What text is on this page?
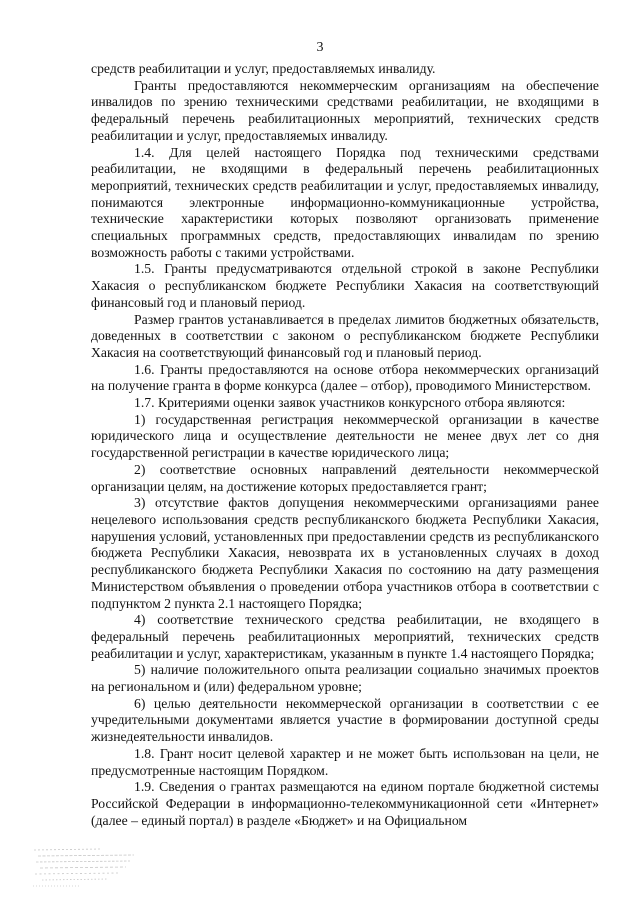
3

средств реабилитации и услуг, предоставляемых инвалиду.

Гранты предоставляются некоммерческим организациям на обеспечение инвалидов по зрению техническими средствами реабилитации, не входящими в федеральный перечень реабилитационных мероприятий, технических средств реабилитации и услуг, предоставляемых инвалиду.

1.4. Для целей настоящего Порядка под техническими средствами реабилитации, не входящими в федеральный перечень реабилитационных мероприятий, технических средств реабилитации и услуг, предоставляемых инвалиду, понимаются электронные информационно-коммуникационные устройства, технические характеристики которых позволяют организовать применение специальных программных средств, предоставляющих инвалидам по зрению возможность работы с такими устройствами.

1.5. Гранты предусматриваются отдельной строкой в законе Республики Хакасия о республиканском бюджете Республики Хакасия на соответствующий финансовый год и плановый период.

Размер грантов устанавливается в пределах лимитов бюджетных обязательств, доведенных в соответствии с законом о республиканском бюджете Республики Хакасия на соответствующий финансовый год и плановый период.

1.6. Гранты предоставляются на основе отбора некоммерческих организаций на получение гранта в форме конкурса (далее – отбор), проводимого Министерством.

1.7. Критериями оценки заявок участников конкурсного отбора являются:

1) государственная регистрация некоммерческой организации в качестве юридического лица и осуществление деятельности не менее двух лет со дня государственной регистрации в качестве юридического лица;

2) соответствие основных направлений деятельности некоммерческой организации целям, на достижение которых предоставляется грант;

3) отсутствие фактов допущения некоммерческими организациями ранее нецелевого использования средств республиканского бюджета Республики Хакасия, нарушения условий, установленных при предоставлении средств из республиканского бюджета Республики Хакасия, невозврата их в установленных случаях в доход республиканского бюджета Республики Хакасия по состоянию на дату размещения Министерством объявления о проведении отбора участников отбора в соответствии с подпунктом 2 пункта 2.1 настоящего Порядка;

4) соответствие технического средства реабилитации, не входящего в федеральный перечень реабилитационных мероприятий, технических средств реабилитации и услуг, характеристикам, указанным в пункте 1.4 настоящего Порядка;

5) наличие положительного опыта реализации социально значимых проектов на региональном и (или) федеральном уровне;

6) целью деятельности некоммерческой организации в соответствии с ее учредительными документами является участие в формировании доступной среды жизнедеятельности инвалидов.

1.8. Грант носит целевой характер и не может быть использован на цели, не предусмотренные настоящим Порядком.

1.9. Сведения о грантах размещаются на едином портале бюджетной системы Российской Федерации в информационно-телекоммуникационной сети «Интернет» (далее – единый портал) в разделе «Бюджет» и на Официальном
